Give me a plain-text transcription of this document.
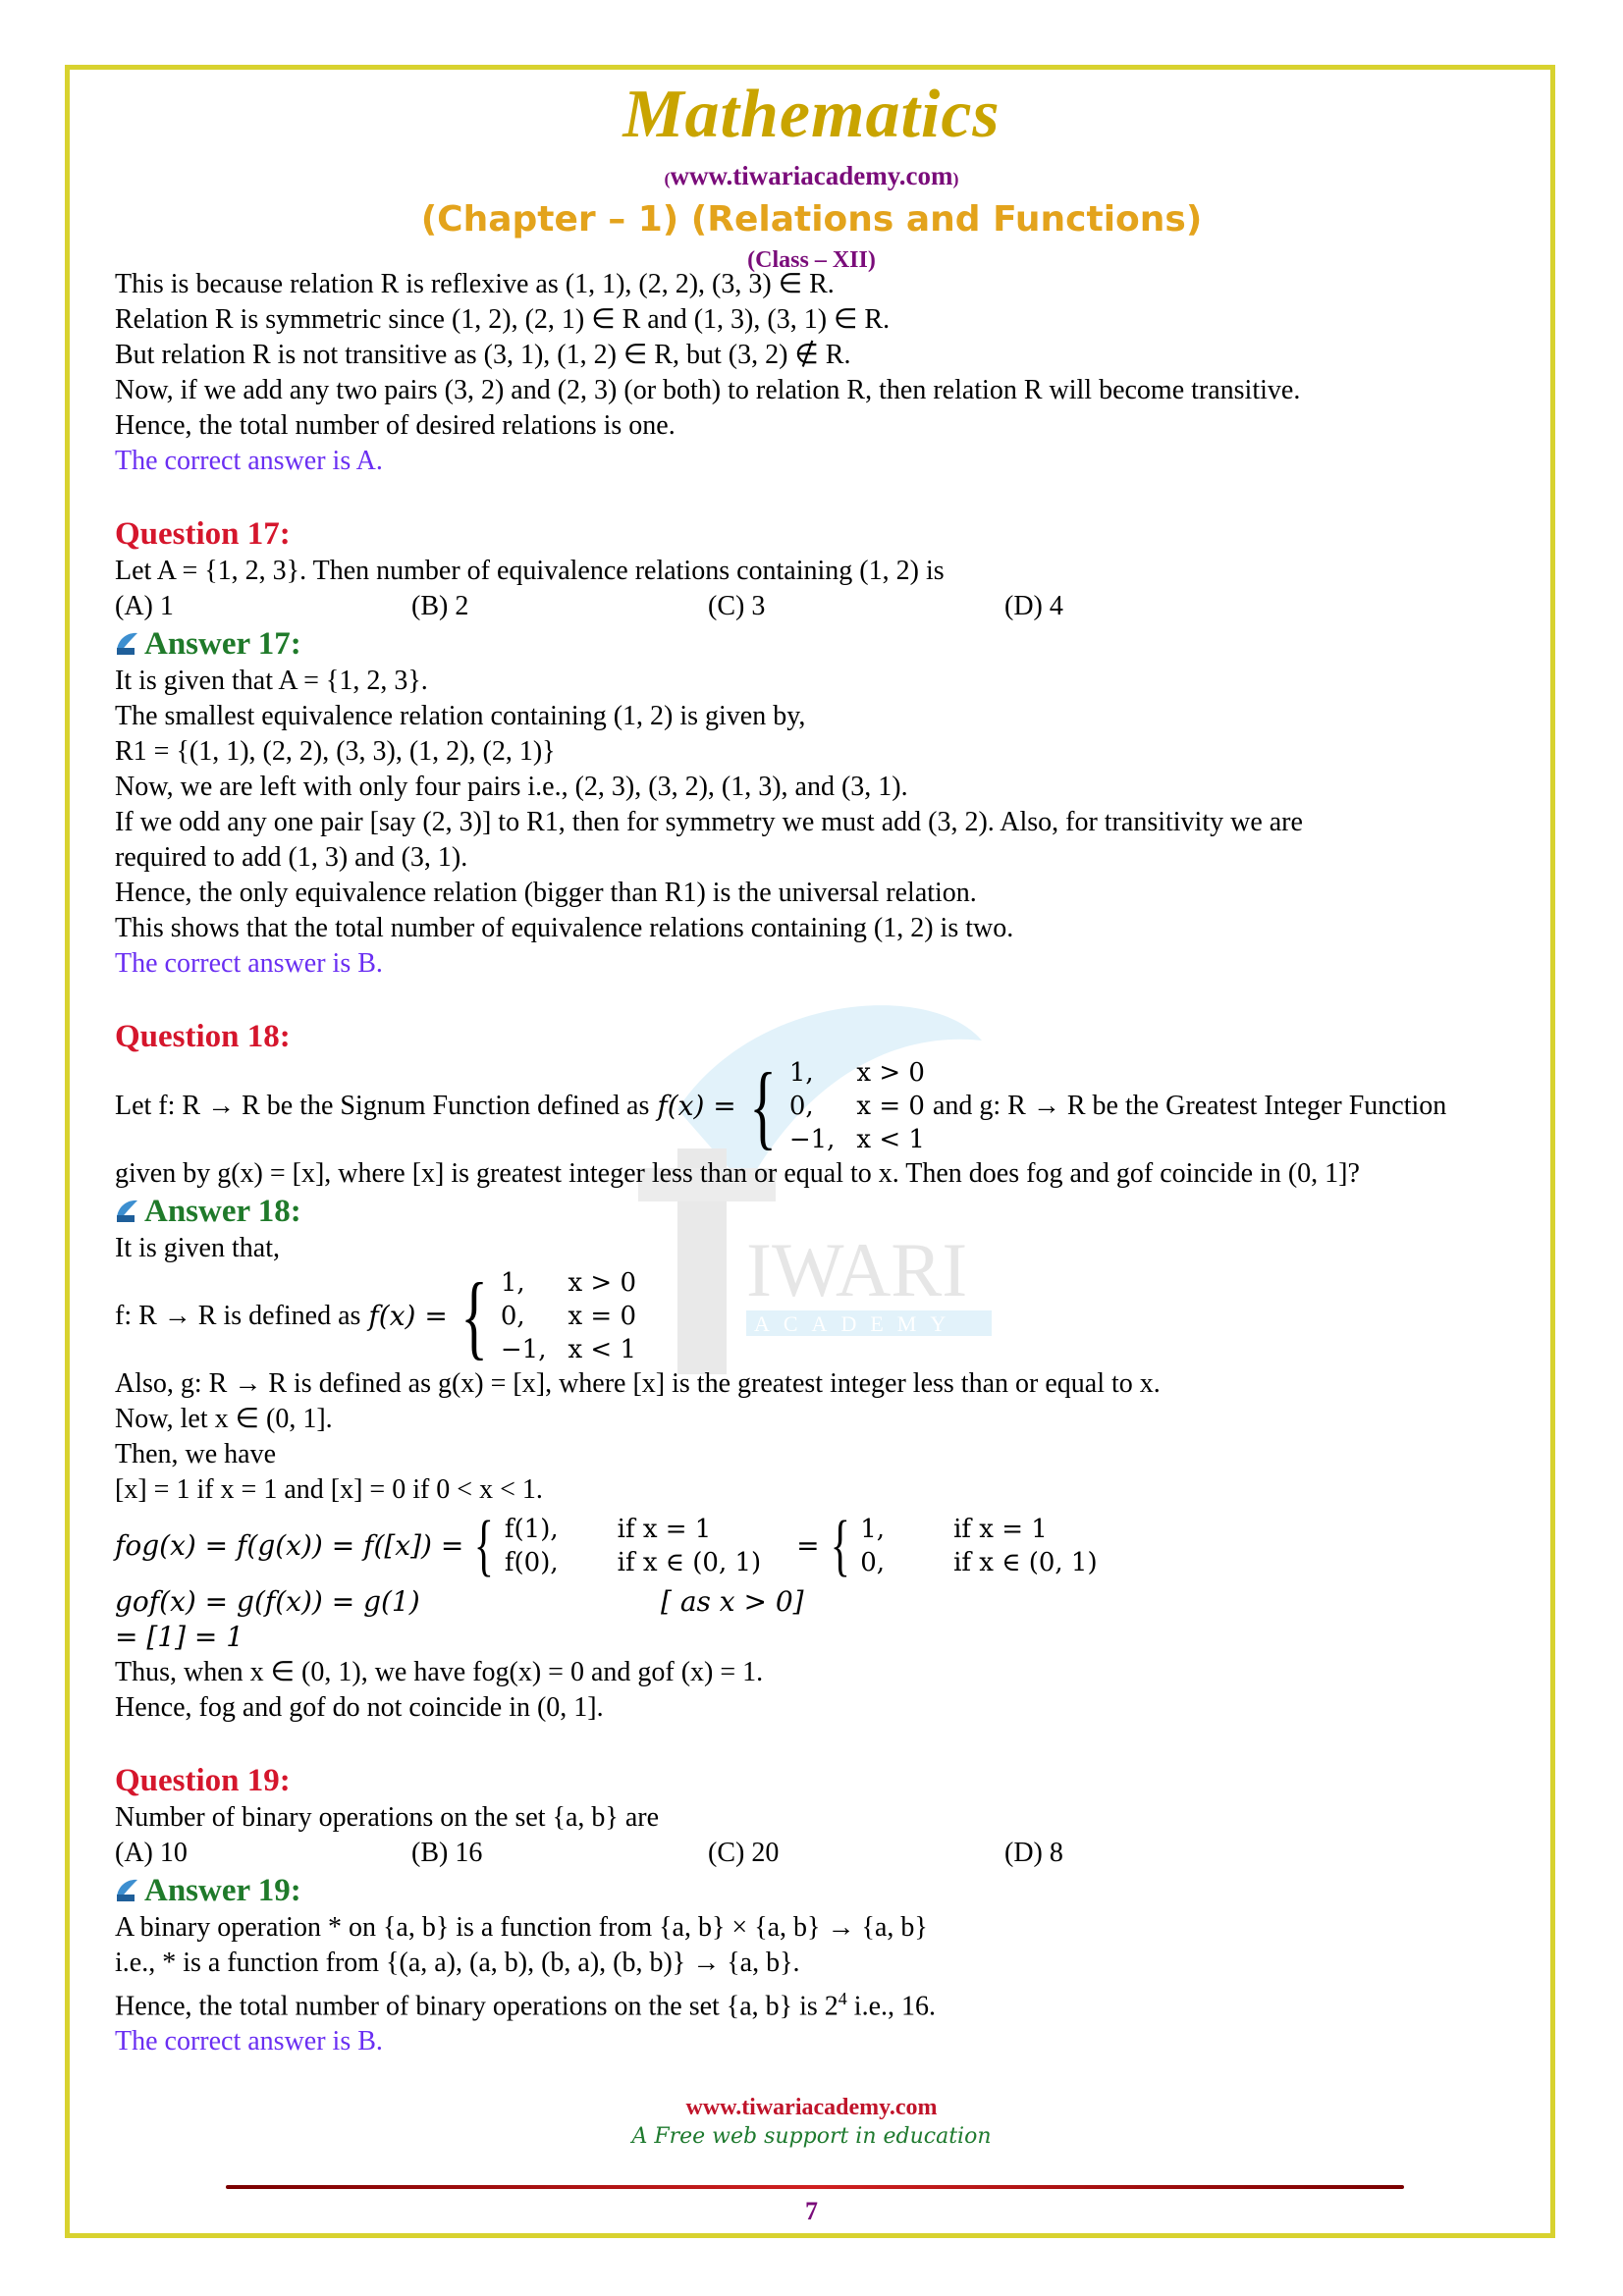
Mathematics
(www.tiwariacademy.com)
(Chapter – 1) (Relations and Functions)
(Class – XII)
IWARI
ACADEMY
This is because relation R is reflexive as (1, 1), (2, 2), (3, 3) ∈ R.
Relation R is symmetric since (1, 2), (2, 1) ∈ R and (1, 3), (3, 1) ∈ R.
But relation R is not transitive as (3, 1), (1, 2) ∈ R, but (3, 2) ∉ R.
Now, if we add any two pairs (3, 2) and (2, 3) (or both) to relation R, then relation R will become transitive.
Hence, the total number of desired relations is one.
The correct answer is A.
Question 17:
Let A = {1, 2, 3}. Then number of equivalence relations containing (1, 2) is
(A) 1	(B) 2	(C) 3	(D) 4
Answer 17:
It is given that A = {1, 2, 3}.
The smallest equivalence relation containing (1, 2) is given by,
R1 = {(1, 1), (2, 2), (3, 3), (1, 2), (2, 1)}
Now, we are left with only four pairs i.e., (2, 3), (3, 2), (1, 3), and (3, 1).
If we odd any one pair [say (2, 3)] to R1, then for symmetry we must add (3, 2). Also, for transitivity we are
required to add (1, 3) and (3, 1).
Hence, the only equivalence relation (bigger than R1) is the universal relation.
This shows that the total number of equivalence relations containing (1, 2) is two.
The correct answer is B.
Question 18:
Let f: R → R be the Signum Function defined as f(x) = { 1,	x > 0
0,	x = 0
−1, x < 1
and g: R → R be the Greatest Integer Function
given by g(x) = [x], where [x] is greatest integer less than or equal to x. Then does fog and gof coincide in (0, 1]?
Answer 18:
It is given that,
f: R → R is defined as f(x) = { 1,	x > 0
0,	x = 0
−1, x < 1
Also, g: R → R is defined as g(x) = [x], where [x] is the greatest integer less than or equal to x.
Now, let x ∈ (0, 1].
Then, we have
[x] = 1 if x = 1 and [x] = 0 if 0 < x < 1.
fog(x) = f(g(x)) = f([x]) = { f(1), if x = 1
f(0), if x ∈ (0, 1)
= { 1,	if x = 1
0,	if x ∈ (0, 1)
gof(x) = g(f(x)) = g(1)	[ as x > 0]
= [1] = 1
Thus, when x ∈ (0, 1), we have fog(x) = 0 and gof (x) = 1.
Hence, fog and gof do not coincide in (0, 1].
Question 19:
Number of binary operations on the set {a, b} are
(A) 10	(B) 16	(C) 20	(D) 8
Answer 19:
A binary operation * on {a, b} is a function from {a, b} × {a, b} → {a, b}
i.e., * is a function from {(a, a), (a, b), (b, a), (b, b)} → {a, b}.
Hence, the total number of binary operations on the set {a, b} is $2^4$ i.e., 16.
The correct answer is B.
www.tiwariacademy.com
A Free web support in education
7
